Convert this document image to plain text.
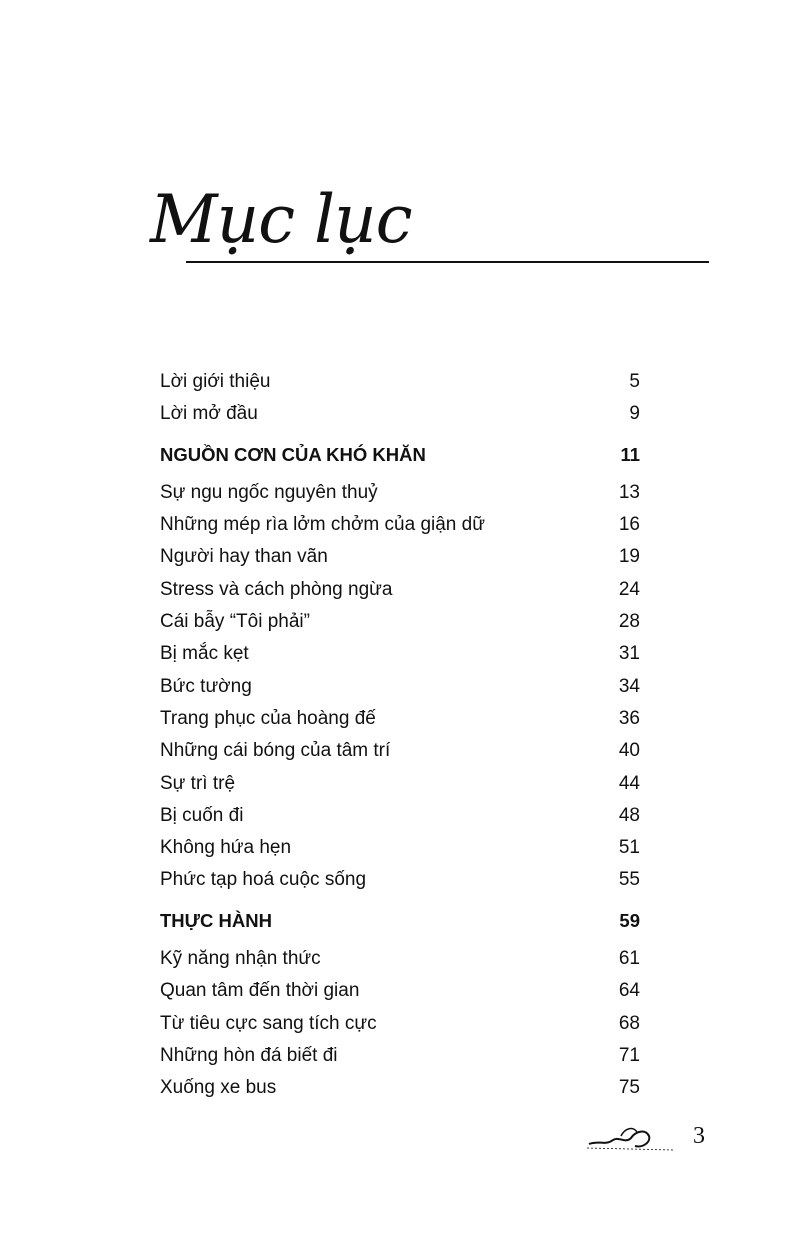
Mục lục
Lời giới thiệu	5
Lời mở đầu	9
NGUỒN CƠN CỦA KHÓ KHĂN	11
Sự ngu ngốc nguyên thuỷ	13
Những mép rìa lởm chởm của giận dữ	16
Người hay than vãn	19
Stress và cách phòng ngừa	24
Cái bẫy “Tôi phải”	28
Bị mắc kẹt	31
Bức tường	34
Trang phục của hoàng đế	36
Những cái bóng của tâm trí	40
Sự trì trệ	44
Bị cuốn đi	48
Không hứa hẹn	51
Phức tạp hoá cuộc sống	55
THỰC HÀNH	59
Kỹ năng nhận thức	61
Quan tâm đến thời gian	64
Từ tiêu cực sang tích cực	68
Những hòn đá biết đi	71
Xuống xe bus	75
3
